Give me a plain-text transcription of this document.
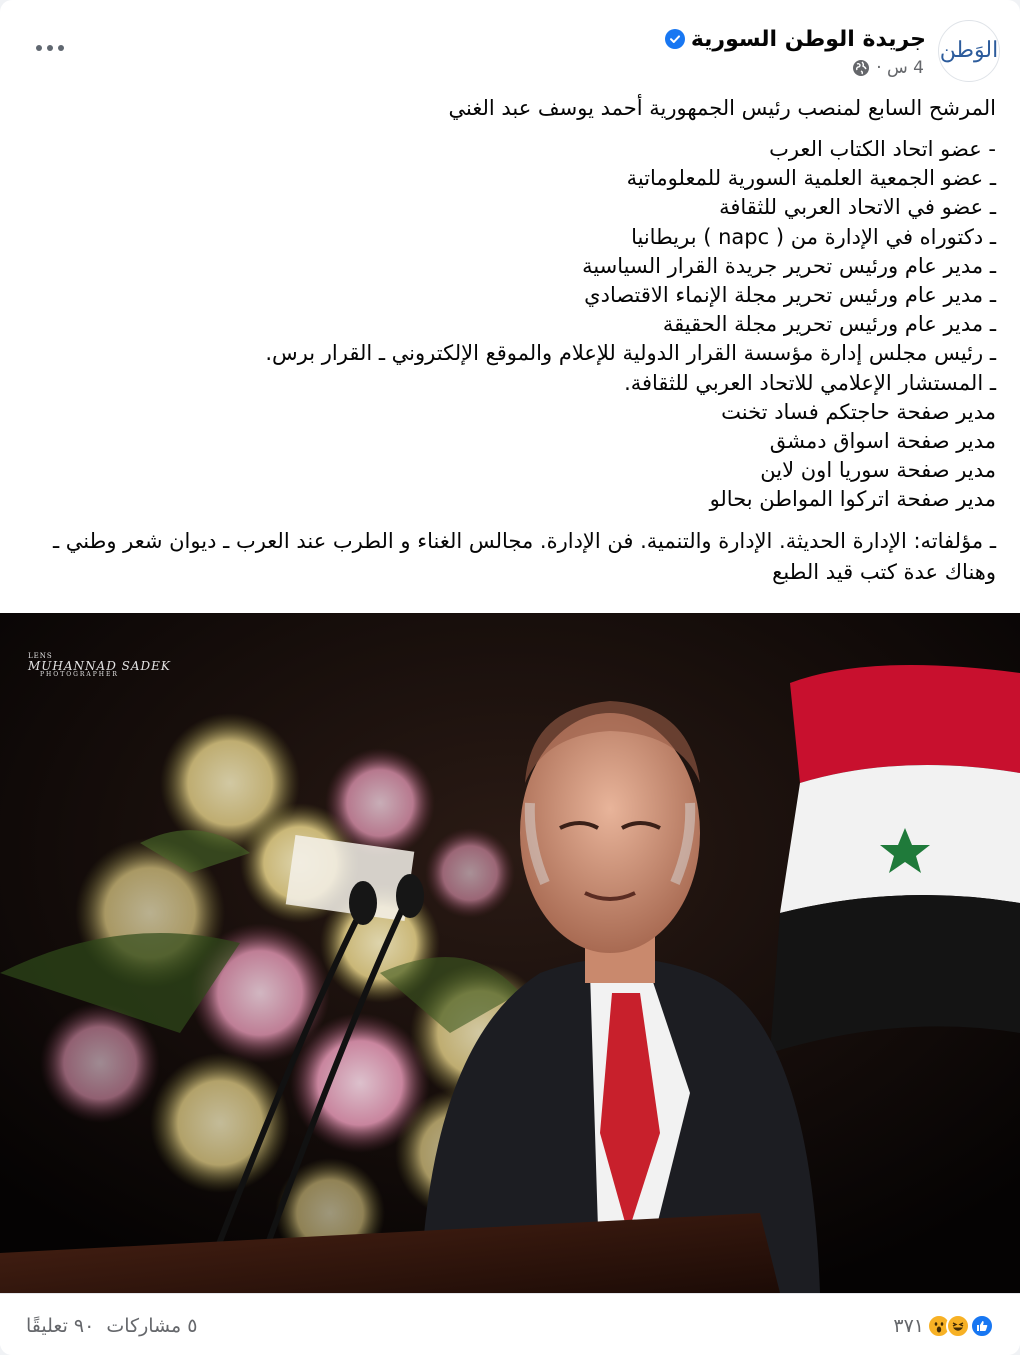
الوَطن
جريدة الوطن السورية
4 س ·
المرشح السابع لمنصب رئيس الجمهورية أحمد يوسف عبد الغني
- عضو اتحاد الكتاب العرب
ـ عضو الجمعية العلمية السورية للمعلوماتية
ـ عضو في الاتحاد العربي للثقافة
ـ دكتوراه في الإدارة من ( napc ) بريطانيا
ـ مدير عام ورئيس تحرير جريدة القرار السياسية
ـ مدير عام ورئيس تحرير مجلة الإنماء الاقتصادي
ـ مدير عام ورئيس تحرير مجلة الحقيقة
ـ رئيس مجلس إدارة مؤسسة القرار الدولية للإعلام والموقع الإلكتروني ـ القرار برس.
ـ المستشار الإعلامي للاتحاد العربي للثقافة.
مدير صفحة حاجتكم فساد تخنت
مدير صفحة اسواق دمشق
مدير صفحة سوريا اون لاين
مدير صفحة اتركوا المواطن بحالو
ـ مؤلفاته: الإدارة الحديثة. الإدارة والتنمية. فن الإدارة. مجالس الغناء و الطرب عند العرب ـ ديوان شعر وطني ـ
وهناك عدة كتب قيد الطبع
LENS
MUHANNAD SADEK
PHOTOGRAPHER
٣٧١
٩٠ تعليقًا ٥ مشاركات
